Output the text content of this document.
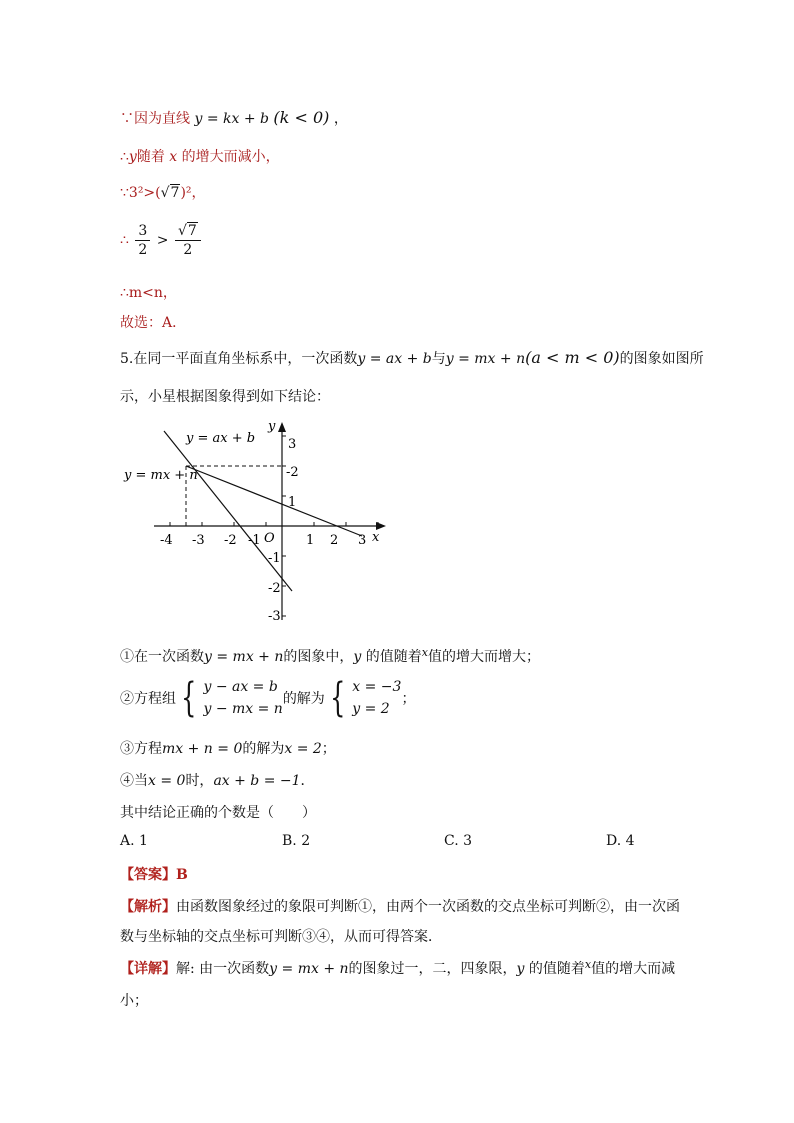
∵因为直线 y = kx + b (k < 0) ，
∴y随着 x 的增大而减小，
∵3²>(√7)²，
∴ $\frac{3}{2} > \frac{√7}{2}$
∴m<n，
故选：A．
5.在同一平面直角坐标系中，一次函数y = ax + b与y = mx + n(a < m < 0)的图象如图所
示，小星根据图象得到如下结论：
y = ax + b
y = mx + n
x
y
O
-4 -3 -2 -1	1 2 3
3
-2
1
-1
-2
-3
①在一次函数y = mx + n的图象中，y 的值随着$^x$值的增大而增大；
②方程组 { y − ax = b
y − mx = n
的解为 { x = −3
y = 2
；
③方程mx + n = 0的解为x = 2；
④当x = 0时，ax + b = −1．
其中结论正确的个数是（　　）
A. 1	B. 2	C. 3	D. 4
【答案】B
【解析】由函数图象经过的象限可判断①，由两个一次函数的交点坐标可判断②，由一次函
数与坐标轴的交点坐标可判断③④，从而可得答案．
【详解】解: 由一次函数y = mx + n的图象过一，二，四象限，y 的值随着$^x$值的增大而减
小；
